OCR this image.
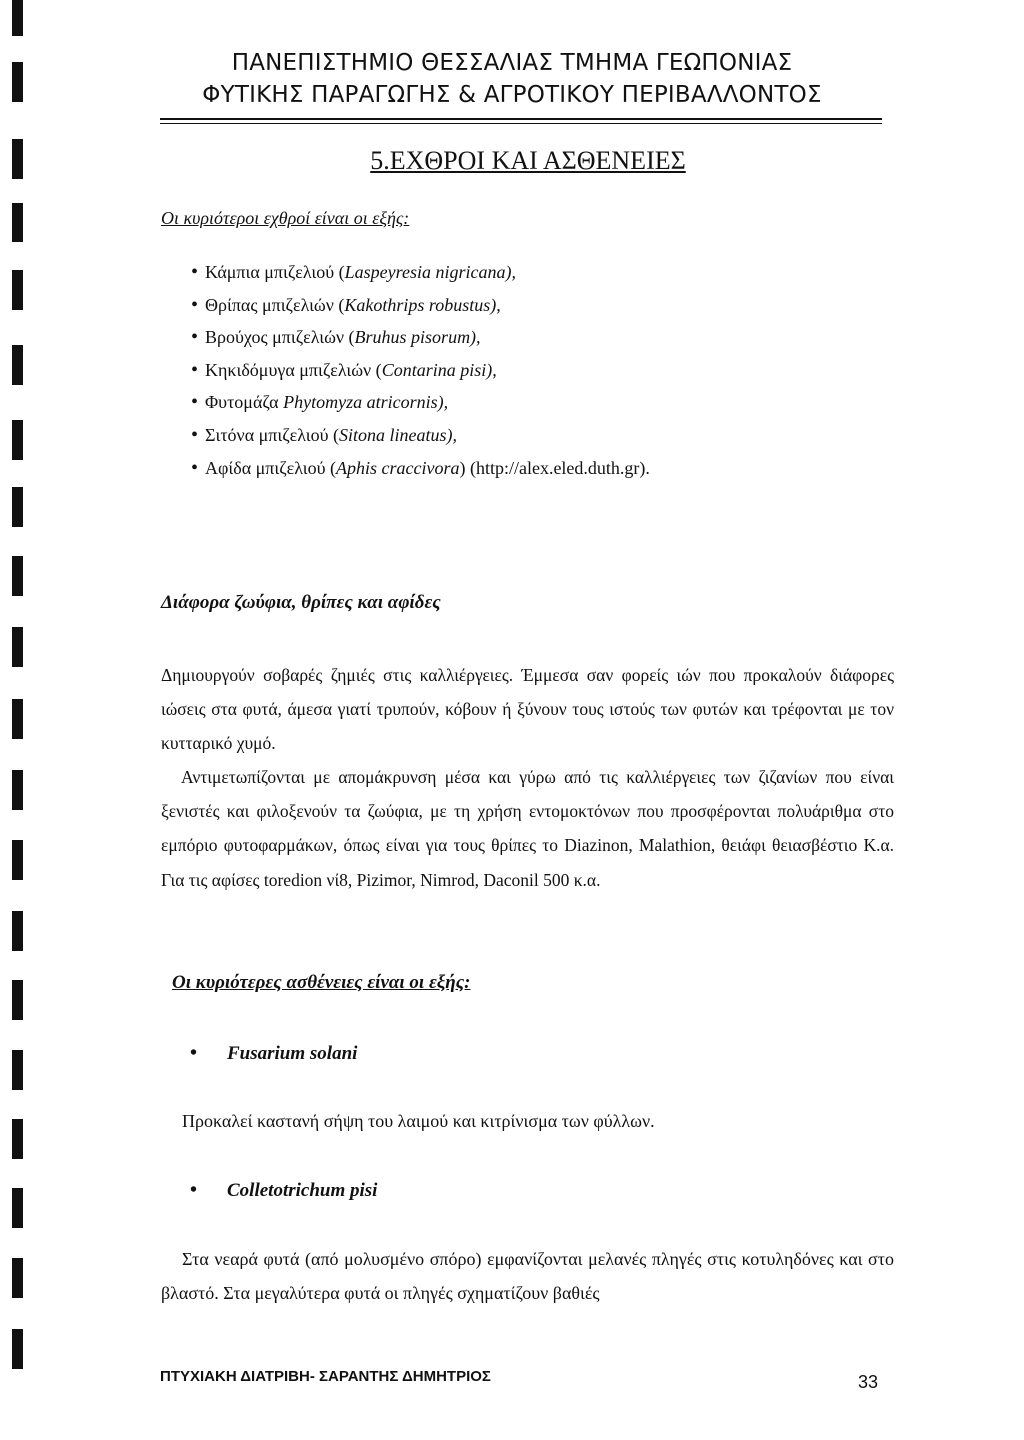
ΠΑΝΕΠΙΣΤΗΜΙΟ ΘΕΣΣΑΛΙΑΣ ΤΜΗΜΑ ΓΕΩΠΟΝΙΑΣ
ΦΥΤΙΚΗΣ ΠΑΡΑΓΩΓΗΣ & ΑΓΡΟΤΙΚΟΥ ΠΕΡΙΒΑΛΛΟΝΤΟΣ
5.ΕΧΘΡΟΙ ΚΑΙ ΑΣΘΕΝΕΙΕΣ
Οι κυριότεροι εχθροί είναι οι εξής:
• Κάμπια μπιζελιού (Laspeyresia nigricana),
• Θρίπας μπιζελιών (Kakothrips robustus),
• Βρούχος μπιζελιών (Bruhus pisorum),
• Κηκιδόμυγα μπιζελιών (Contarina pisi),
• Φυτομάζα Phytomyza atricornis),
• Σιτόνα μπιζελιού (Sitona lineatus),
• Αφίδα μπιζελιού (Aphis craccivora) (http://alex.eled.duth.gr).
Διάφορα ζωύφια, θρίπες και αφίδες
Δημιουργούν σοβαρές ζημιές στις καλλιέργειες. Έμμεσα σαν φορείς ιών που προκαλούν διάφορες ιώσεις στα φυτά, άμεσα γιατί τρυπούν, κόβουν ή ξύνουν τους ιστούς των φυτών και τρέφονται με τον κυτταρικό χυμό.
Αντιμετωπίζονται με απομάκρυνση μέσα και γύρω από τις καλλιέργειες των ζιζανίων που είναι ξενιστές και φιλοξενούν τα ζωύφια, με τη χρήση εντομοκτόνων που προσφέρονται πολυάριθμα στο εμπόριο φυτοφαρμάκων, όπως είναι για τους θρίπες το Diazinon, Malathion, θειάφι θειασβέστιο Κ.α. Για τις αφίσες toredion νί8, Pizimor, Nimrod, Daconil 500 κ.α.
Οι κυριότερες ασθένειες είναι οι εξής:
• Fusarium solani
Προκαλεί καστανή σήψη του λαιμού και κιτρίνισμα των φύλλων.
• Colletotrichum pisi
Στα νεαρά φυτά (από μολυσμένο σπόρο) εμφανίζονται μελανές πληγές στις κοτυληδόνες και στο βλαστό. Στα μεγαλύτερα φυτά οι πληγές σχηματίζουν βαθιές
ΠΤΥΧΙΑΚΗ ΔΙΑΤΡΙΒΗ- ΣΑΡΑΝΤΗΣ ΔΗΜΗΤΡΙΟΣ	33
